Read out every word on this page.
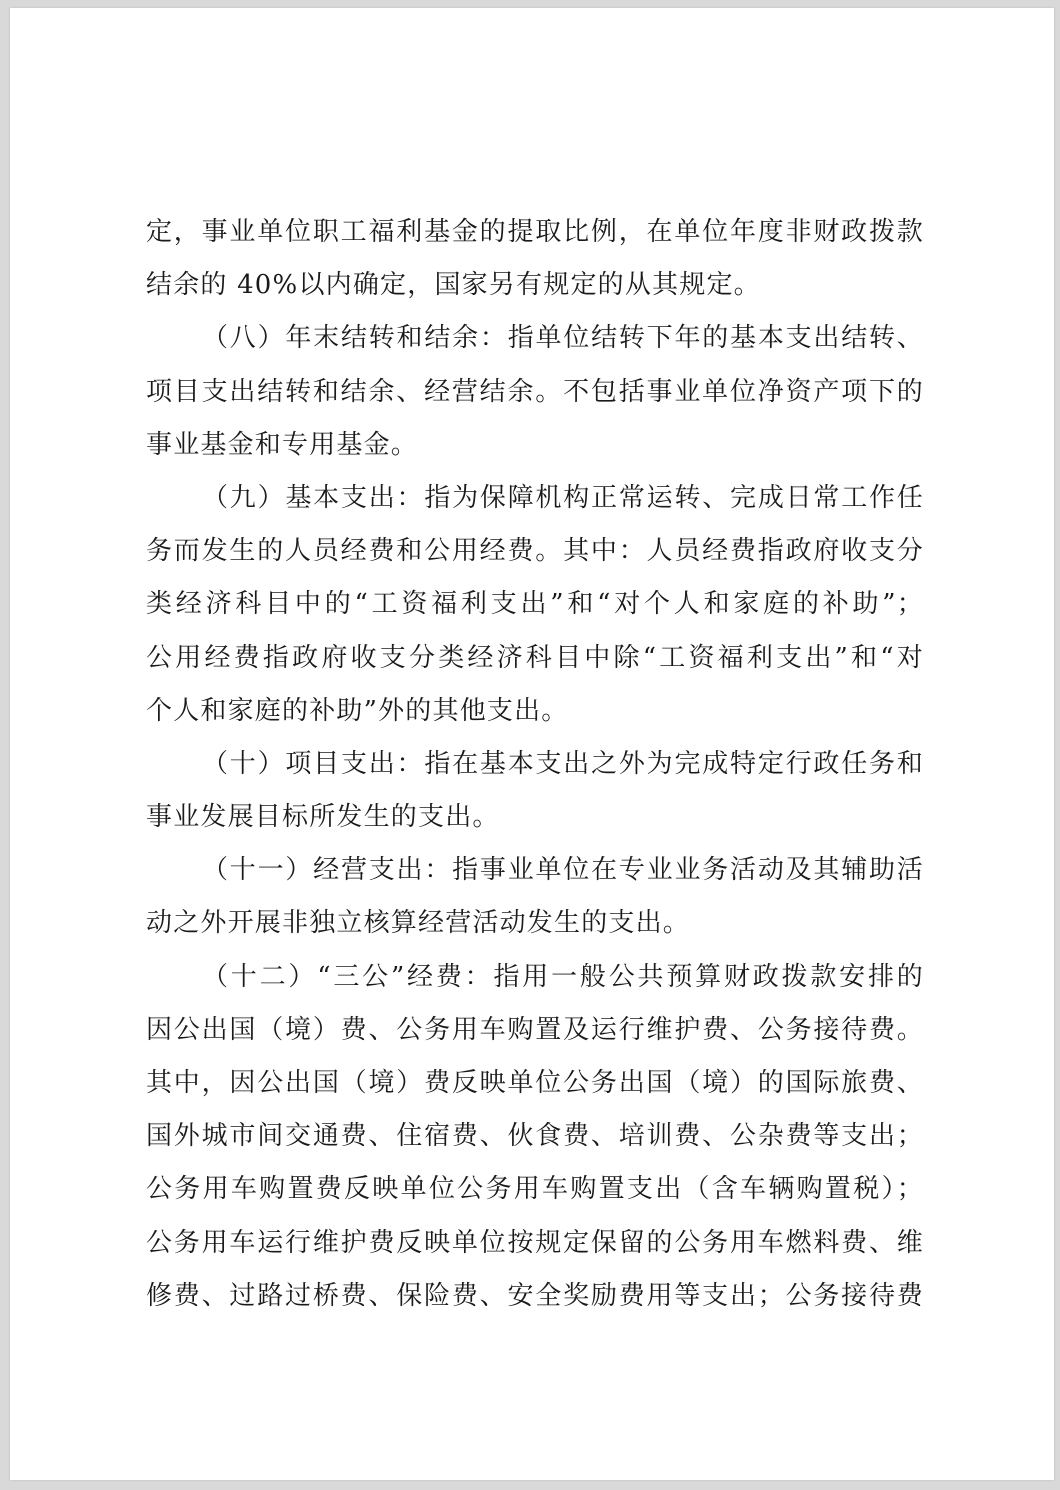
定，事业单位职工福利基金的提取比例，在单位年度非财政拨款
结余的 40%以内确定，国家另有规定的从其规定。
（八）年末结转和结余：指单位结转下年的基本支出结转、
项目支出结转和结余、经营结余。不包括事业单位净资产项下的
事业基金和专用基金。
（九）基本支出：指为保障机构正常运转、完成日常工作任
务而发生的人员经费和公用经费。其中：人员经费指政府收支分
类经济科目中的“工资福利支出”和“对个人和家庭的补助”；
公用经费指政府收支分类经济科目中除“工资福利支出”和“对
个人和家庭的补助”外的其他支出。
（十）项目支出：指在基本支出之外为完成特定行政任务和
事业发展目标所发生的支出。
（十一）经营支出：指事业单位在专业业务活动及其辅助活
动之外开展非独立核算经营活动发生的支出。
（十二）“三公”经费：指用一般公共预算财政拨款安排的
因公出国（境）费、公务用车购置及运行维护费、公务接待费。
其中，因公出国（境）费反映单位公务出国（境）的国际旅费、
国外城市间交通费、住宿费、伙食费、培训费、公杂费等支出；
公务用车购置费反映单位公务用车购置支出（含车辆购置税）；
公务用车运行维护费反映单位按规定保留的公务用车燃料费、维
修费、过路过桥费、保险费、安全奖励费用等支出；公务接待费
